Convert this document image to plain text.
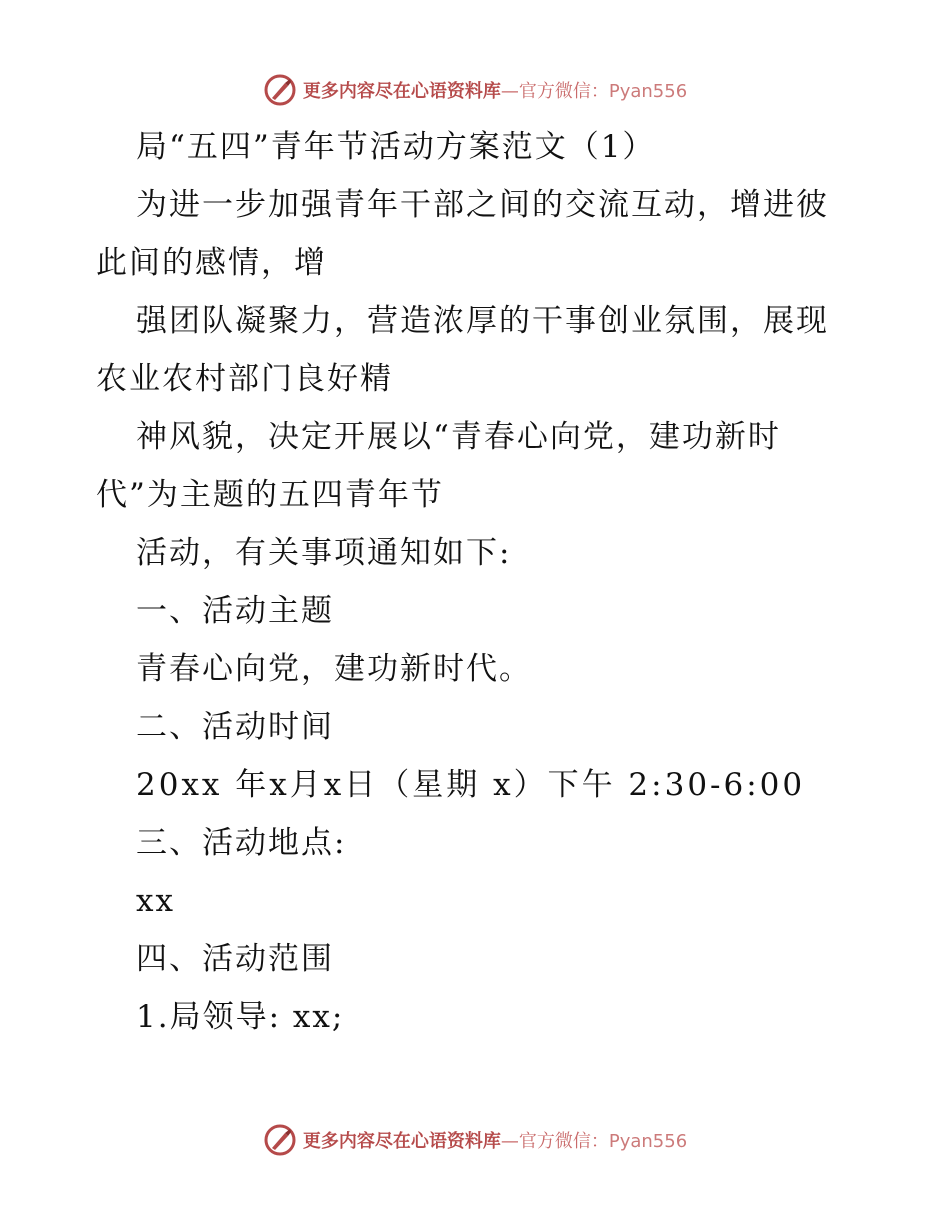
更多内容尽在心语资料库—官方微信：Pyan556
局“五四”青年节活动方案范文（1）
为进一步加强青年干部之间的交流互动，增进彼
此间的感情，增
强团队凝聚力，营造浓厚的干事创业氛围，展现
农业农村部门良好精
神风貌，决定开展以“青春心向党，建功新时
代”为主题的五四青年节
活动，有关事项通知如下:
一、活动主题
青春心向党，建功新时代。
二、活动时间
20xx 年x月x日（星期 x）下午 2:30-6:00
三、活动地点:
xx
四、活动范围
1.局领导: xx;
更多内容尽在心语资料库—官方微信：Pyan556
